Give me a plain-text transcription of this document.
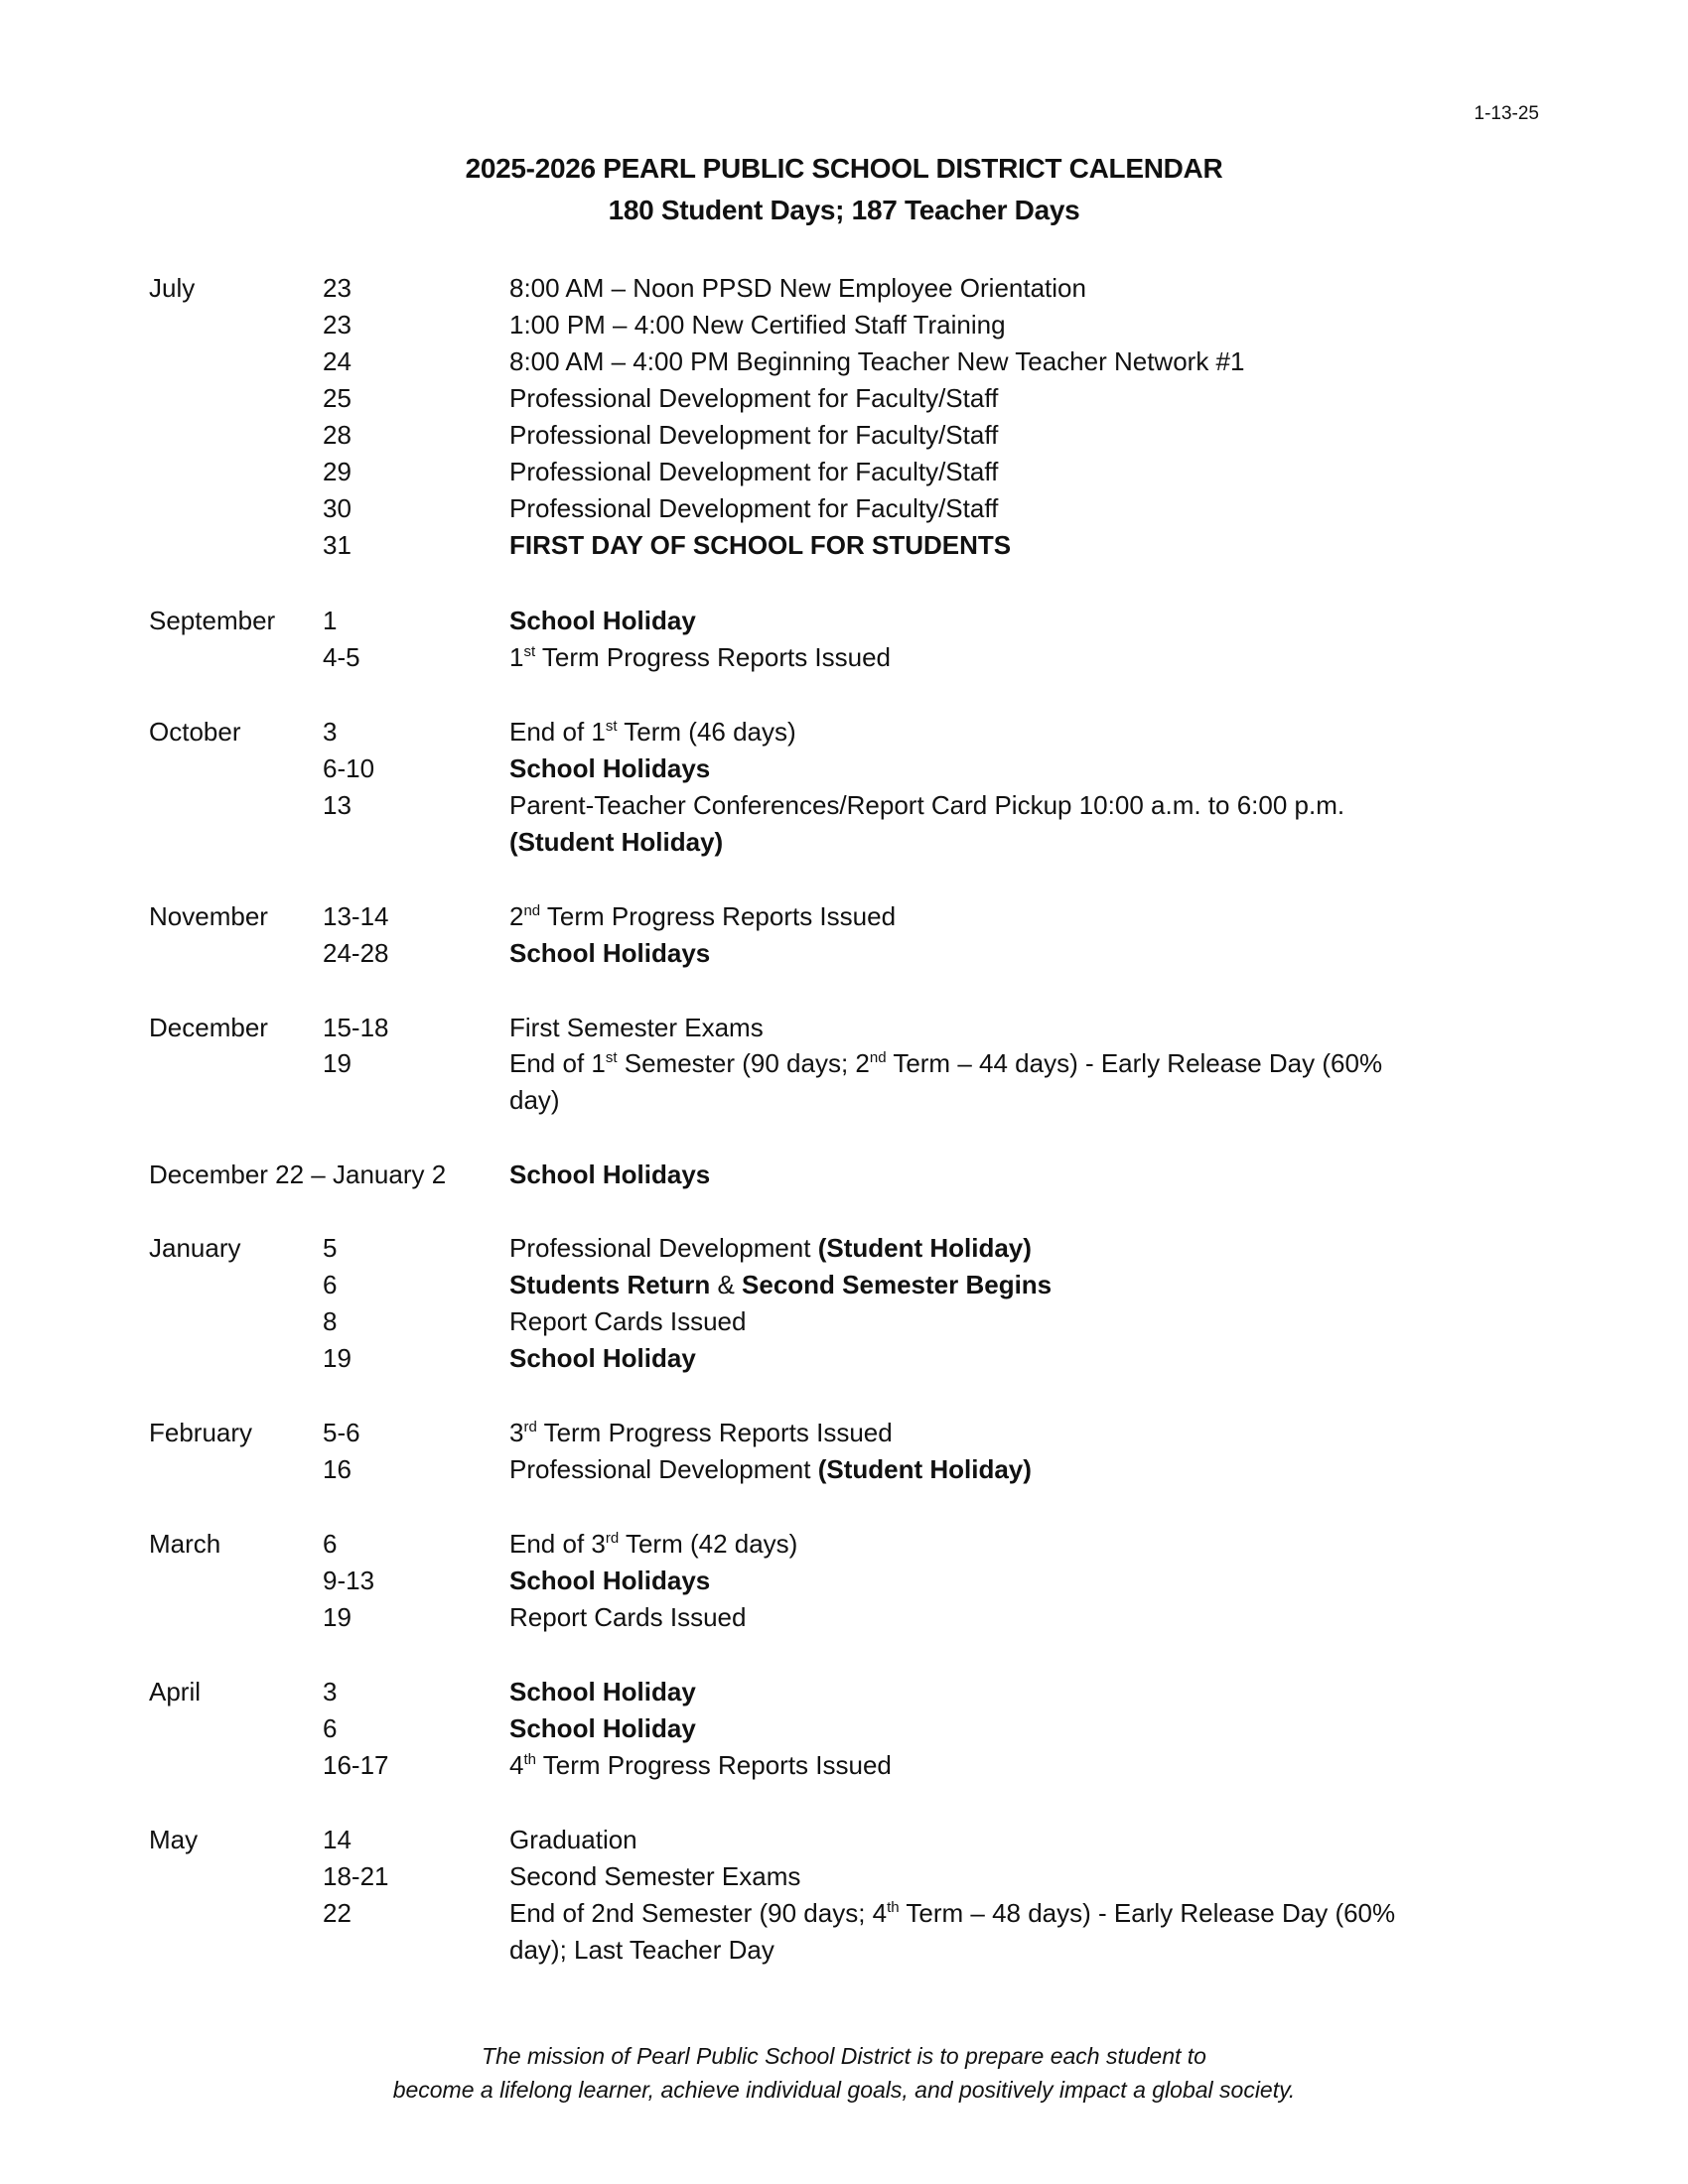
1-13-25
2025-2026 PEARL PUBLIC SCHOOL DISTRICT CALENDAR
180 Student Days; 187 Teacher Days
July	23	8:00 AM – Noon PPSD New Employee Orientation
23	1:00 PM – 4:00 New Certified Staff Training
24	8:00 AM – 4:00 PM Beginning Teacher New Teacher Network #1
25	Professional Development for Faculty/Staff
28	Professional Development for Faculty/Staff
29	Professional Development for Faculty/Staff
30	Professional Development for Faculty/Staff
31	FIRST DAY OF SCHOOL FOR STUDENTS
September 1	School Holiday
4-5	1st Term Progress Reports Issued
October	3	End of 1st Term (46 days)
6-10	School Holidays
13	Parent-Teacher Conferences/Report Card Pickup 10:00 a.m. to 6:00 p.m.
(Student Holiday)
November 13-14	2nd Term Progress Reports Issued
24-28	School Holidays
December 15-18	First Semester Exams
19	End of 1st Semester (90 days; 2nd Term – 44 days) - Early Release Day (60%
day)
December 22 – January 2 School Holidays
January	5	Professional Development (Student Holiday)
6	Students Return & Second Semester Begins
8	Report Cards Issued
19	School Holiday
February	5-6	3rd Term Progress Reports Issued
16	Professional Development (Student Holiday)
March	6	End of 3rd Term (42 days)
9-13	School Holidays
19	Report Cards Issued
April	3	School Holiday
6	School Holiday
16-17	4th Term Progress Reports Issued
May	14	Graduation
18-21	Second Semester Exams
22	End of 2nd Semester (90 days; 4th Term – 48 days) - Early Release Day (60%
day); Last Teacher Day
The mission of Pearl Public School District is to prepare each student to
become a lifelong learner, achieve individual goals, and positively impact a global society.
